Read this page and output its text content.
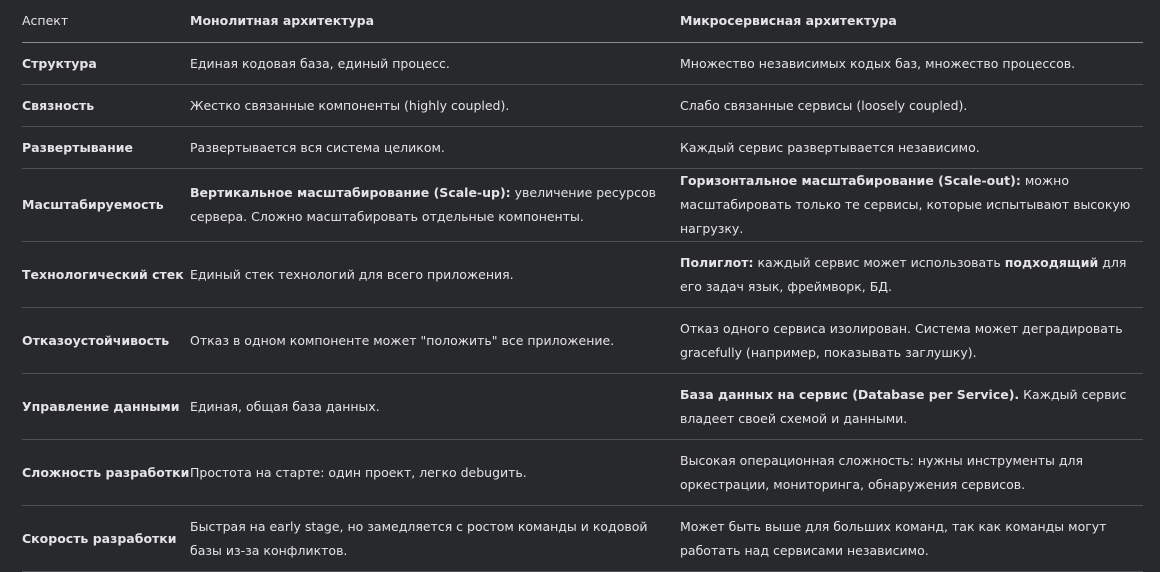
Аспект	Монолитная архитектура	Микросервисная архитектура
Структура	Единая кодовая база, единый процесс.	Множество независимых кодых баз, множество процессов.
Связность	Жестко связанные компоненты (highly coupled).	Слабо связанные сервисы (loosely coupled).
Развертывание	Развертывается вся система целиком.	Каждый сервис развертывается независимо.
Масштабируемость	Вертикальное масштабирование (Scale-up): увеличение ресурсов сервера. Сложно масштабировать отдельные компоненты.	Горизонтальное масштабирование (Scale-out): можно масштабировать только те сервисы, которые испытывают высокую нагрузку.
Технологический стек	Единый стек технологий для всего приложения.	Полиглот: каждый сервис может использовать подходящий для его задач язык, фреймворк, БД.
Отказоустойчивость	Отказ в одном компоненте может "положить" все приложение.	Отказ одного сервиса изолирован. Система может деградировать gracefully (например, показывать заглушку).
Управление данными	Единая, общая база данных.	База данных на сервис (Database per Service). Каждый сервис владеет своей схемой и данными.
Сложность разработки	Простота на старте: один проект, легко debugить.	Высокая операционная сложность: нужны инструменты для оркестрации, мониторинга, обнаружения сервисов.
Скорость разработки	Быстрая на early stage, но замедляется с ростом команды и кодовой базы из-за конфликтов.	Может быть выше для больших команд, так как команды могут работать над сервисами независимо.
